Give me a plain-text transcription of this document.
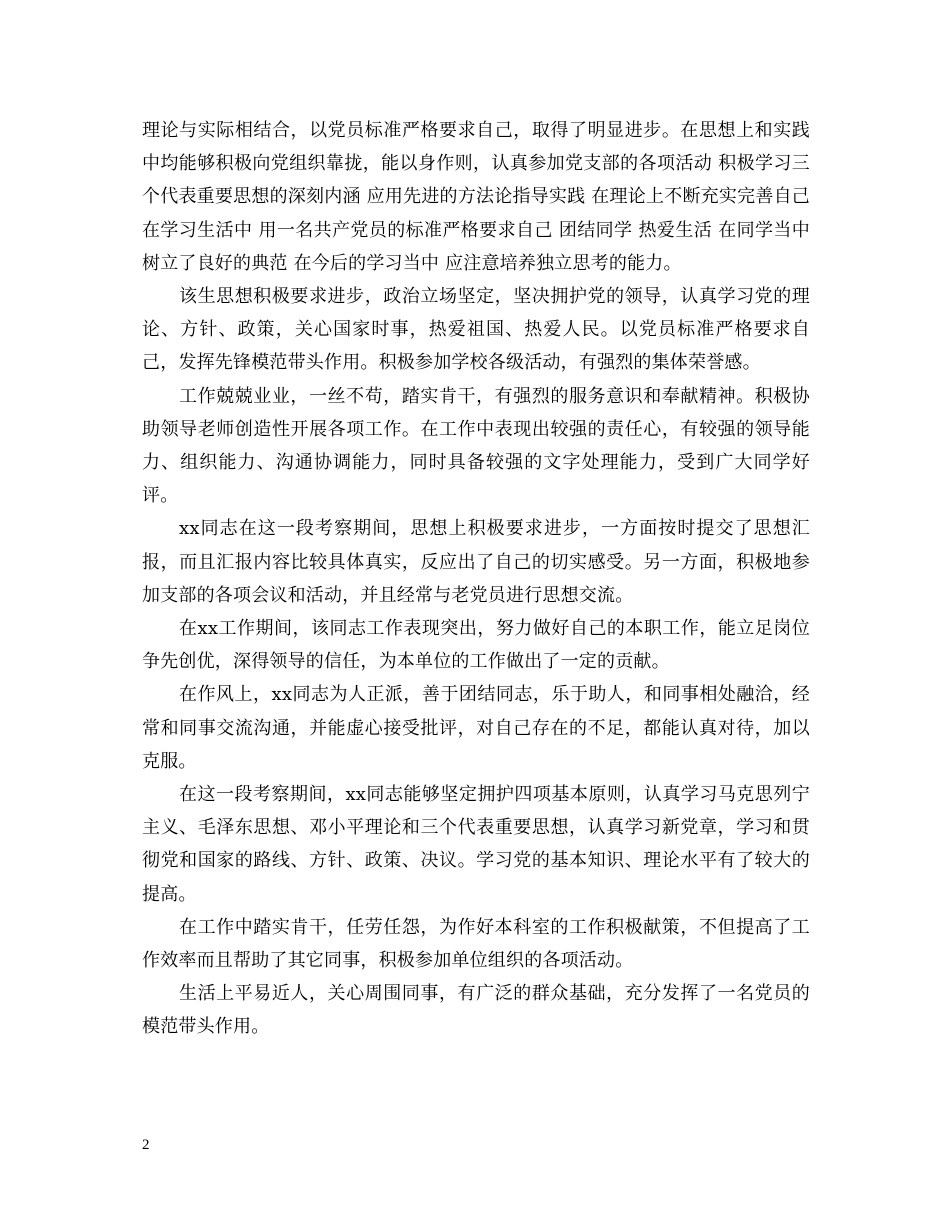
理论与实际相结合，以党员标准严格要求自己，取得了明显进步。在思想上和实践中均能够积极向党组织靠拢，能以身作则，认真参加党支部的各项活动 积极学习三个代表重要思想的深刻内涵 应用先进的方法论指导实践 在理论上不断充实完善自己 在学习生活中 用一名共产党员的标准严格要求自己 团结同学 热爱生活 在同学当中树立了良好的典范 在今后的学习当中 应注意培养独立思考的能力。

该生思想积极要求进步，政治立场坚定，坚决拥护党的领导，认真学习党的理论、方针、政策，关心国家时事，热爱祖国、热爱人民。以党员标准严格要求自己，发挥先锋模范带头作用。积极参加学校各级活动，有强烈的集体荣誉感。

工作兢兢业业，一丝不苟，踏实肯干，有强烈的服务意识和奉献精神。积极协助领导老师创造性开展各项工作。在工作中表现出较强的责任心，有较强的领导能力、组织能力、沟通协调能力，同时具备较强的文字处理能力，受到广大同学好评。

xx同志在这一段考察期间，思想上积极要求进步，一方面按时提交了思想汇报，而且汇报内容比较具体真实，反应出了自己的切实感受。另一方面，积极地参加支部的各项会议和活动，并且经常与老党员进行思想交流。

在xx工作期间，该同志工作表现突出，努力做好自己的本职工作，能立足岗位争先创优，深得领导的信任，为本单位的工作做出了一定的贡献。

在作风上，xx同志为人正派，善于团结同志，乐于助人，和同事相处融洽，经常和同事交流沟通，并能虚心接受批评，对自己存在的不足，都能认真对待，加以克服。

在这一段考察期间，xx同志能够坚定拥护四项基本原则，认真学习马克思列宁主义、毛泽东思想、邓小平理论和三个代表重要思想，认真学习新党章，学习和贯彻党和国家的路线、方针、政策、决议。学习党的基本知识、理论水平有了较大的提高。

在工作中踏实肯干，任劳任怨，为作好本科室的工作积极献策，不但提高了工作效率而且帮助了其它同事，积极参加单位组织的各项活动。

生活上平易近人，关心周围同事，有广泛的群众基础，充分发挥了一名党员的模范带头作用。

2
